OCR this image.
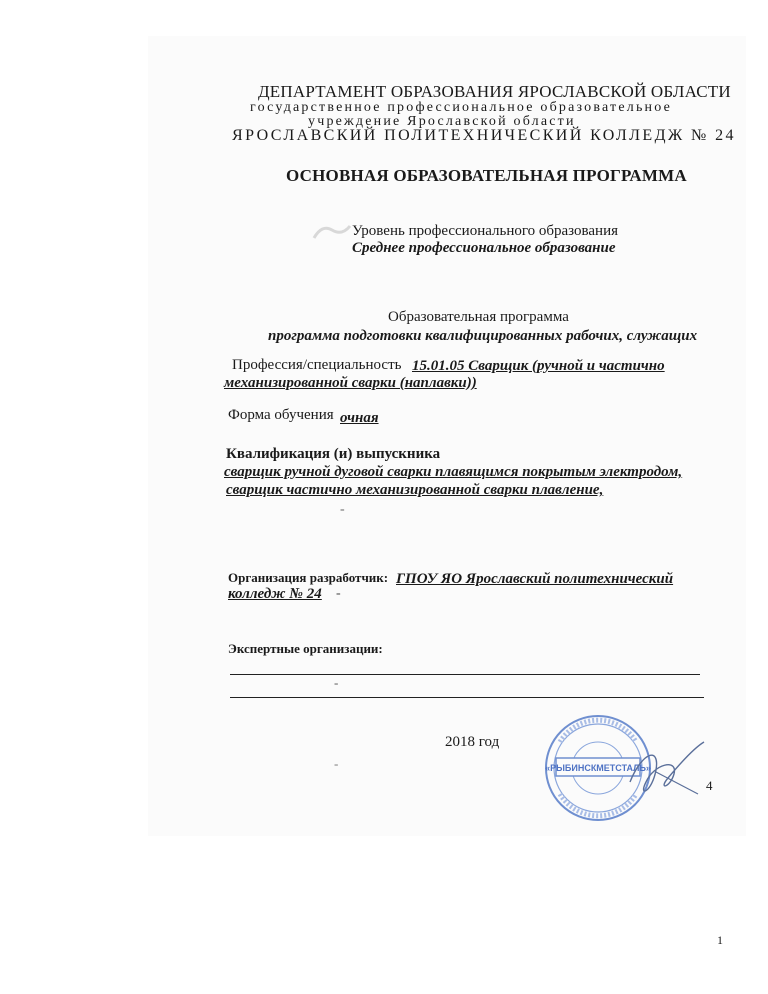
ДЕПАРТАМЕНТ ОБРАЗОВАНИЯ ЯРОСЛАВСКОЙ ОБЛАСТИ
государственное профессиональное образовательное
учреждение Ярославской области
ЯРОСЛАВСКИЙ ПОЛИТЕХНИЧЕСКИЙ КОЛЛЕДЖ № 24
ОСНОВНАЯ ОБРАЗОВАТЕЛЬНАЯ ПРОГРАММА
Уровень профессионального образования
Среднее профессиональное образование
Образовательная программа
программа подготовки квалифицированных рабочих, служащих
Профессия/специальность 15.01.05 Сварщик (ручной и частично
механизированной сварки (наплавки))
Форма обучения очная
Квалификация (и) выпускника
сварщик ручной дуговой сварки плавящимся покрытым электродом,
сварщик частично механизированной сварки плавление,
-
Организация разработчик: ГПОУ ЯО Ярославский политехнический
колледж № 24 -
Экспертные организации:
-
2018 год
-	«РЫБИНСКМЕТСТАЛЬ»
4
1
